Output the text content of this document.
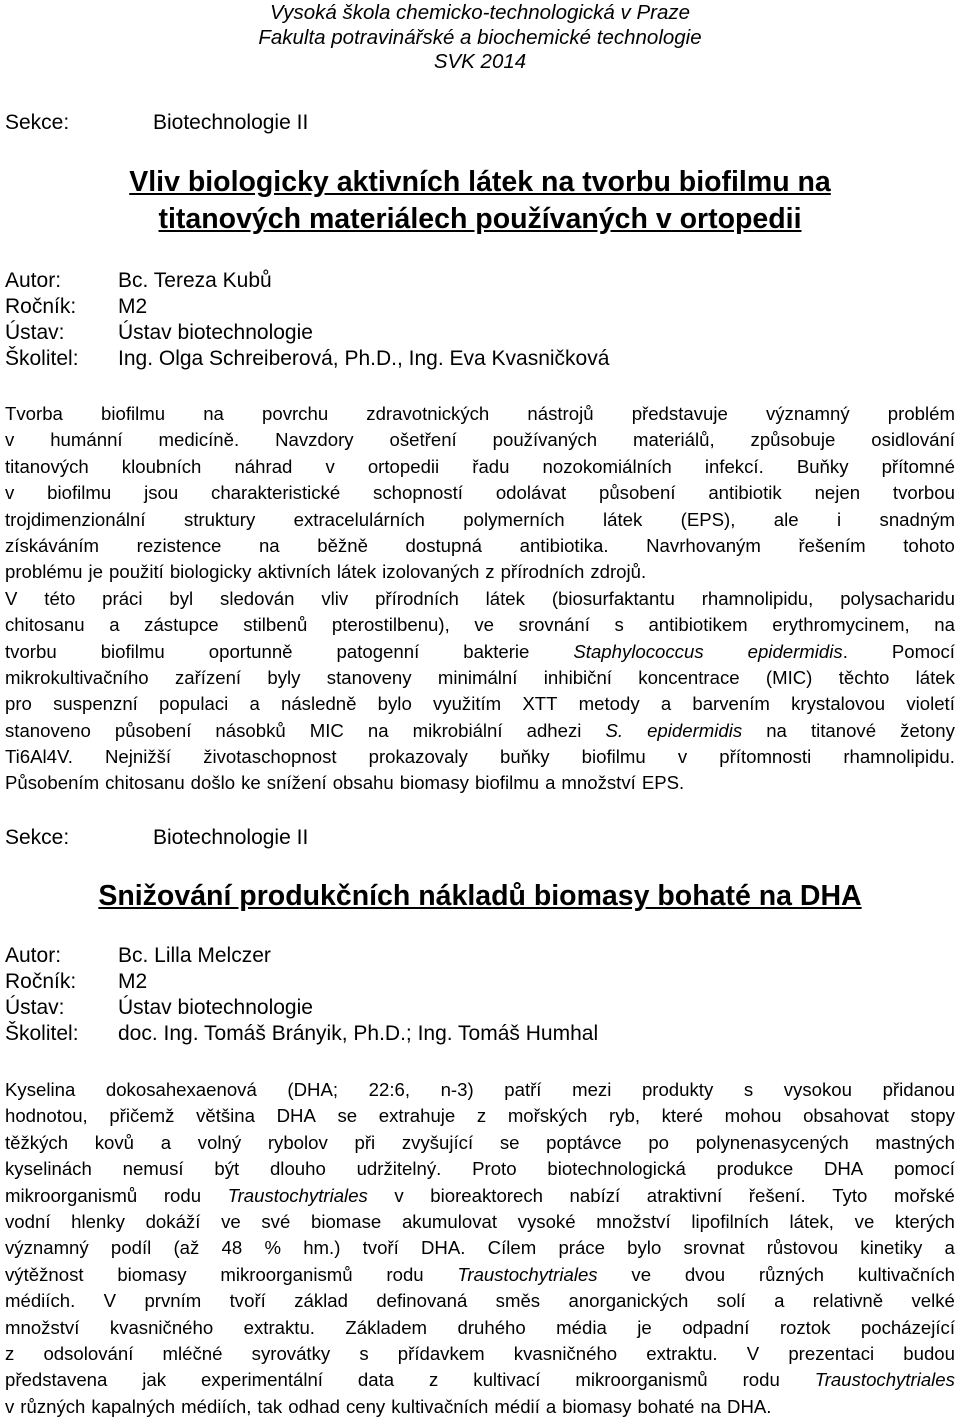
Vysoká škola chemicko-technologická v Praze
Fakulta potravinářské a biochemické technologie
SVK 2014
Sekce:	Biotechnologie II
Vliv biologicky aktivních látek na tvorbu biofilmu na
titanových materiálech používaných v ortopedii
Autor:	Bc. Tereza Kubů
Ročník: M2
Ústav:	Ústav biotechnologie
Školitel: Ing. Olga Schreiberová, Ph.D., Ing. Eva Kvasničková
Tvorba biofilmu na povrchu zdravotnických nástrojů představuje významný problém
v humánní medicíně. Navzdory ošetření používaných materiálů, způsobuje osidlování
titanových kloubních náhrad v ortopedii řadu nozokomiálních infekcí. Buňky přítomné
v biofilmu jsou charakteristické schopností odolávat působení antibiotik nejen tvorbou
trojdimenzionální struktury extracelulárních polymerních látek (EPS), ale i snadným
získáváním rezistence na běžně dostupná antibiotika. Navrhovaným řešením tohoto
problému je použití biologicky aktivních látek izolovaných z přírodních zdrojů.
V této práci byl sledován vliv přírodních látek (biosurfaktantu rhamnolipidu, polysacharidu
chitosanu a zástupce stilbenů pterostilbenu), ve srovnání s antibiotikem erythromycinem, na
tvorbu biofilmu oportunně patogenní bakterie Staphylococcus epidermidis. Pomocí
mikrokultivačního zařízení byly stanoveny minimální inhibiční koncentrace (MIC) těchto látek
pro suspenzní populaci a následně bylo využitím XTT metody a barvením krystalovou violetí
stanoveno působení násobků MIC na mikrobiální adhezi S. epidermidis na titanové žetony
Ti6Al4V. Nejnižší životaschopnost prokazovaly buňky biofilmu v přítomnosti rhamnolipidu.
Působením chitosanu došlo ke snížení obsahu biomasy biofilmu a množství EPS.
Sekce:	Biotechnologie II
Snižování produkčních nákladů biomasy bohaté na DHA
Autor:	Bc. Lilla Melczer
Ročník: M2
Ústav:	Ústav biotechnologie
Školitel: doc. Ing. Tomáš Brányik, Ph.D.; Ing. Tomáš Humhal
Kyselina dokosahexaenová (DHA; 22:6, n-3) patří mezi produkty s vysokou přidanou
hodnotou, přičemž většina DHA se extrahuje z mořských ryb, které mohou obsahovat stopy
těžkých kovů a volný rybolov při zvyšující se poptávce po polynenasycených mastných
kyselinách nemusí být dlouho udržitelný. Proto biotechnologická produkce DHA pomocí
mikroorganismů rodu Traustochytriales v bioreaktorech nabízí atraktivní řešení. Tyto mořské
vodní hlenky dokáží ve své biomase akumulovat vysoké množství lipofilních látek, ve kterých
významný podíl (až 48 % hm.) tvoří DHA. Cílem práce bylo srovnat růstovou kinetiky a
výtěžnost biomasy mikroorganismů rodu Traustochytriales ve dvou různých kultivačních
médiích. V prvním tvoří základ definovaná směs anorganických solí a relativně velké
množství kvasničného extraktu. Základem druhého média je odpadní roztok pocházející
z odsolování mléčné syrovátky s přídavkem kvasničného extraktu. V prezentaci budou
představena jak experimentální data z kultivací mikroorganismů rodu Traustochytriales
v různých kapalných médiích, tak odhad ceny kultivačních médií a biomasy bohaté na DHA.
